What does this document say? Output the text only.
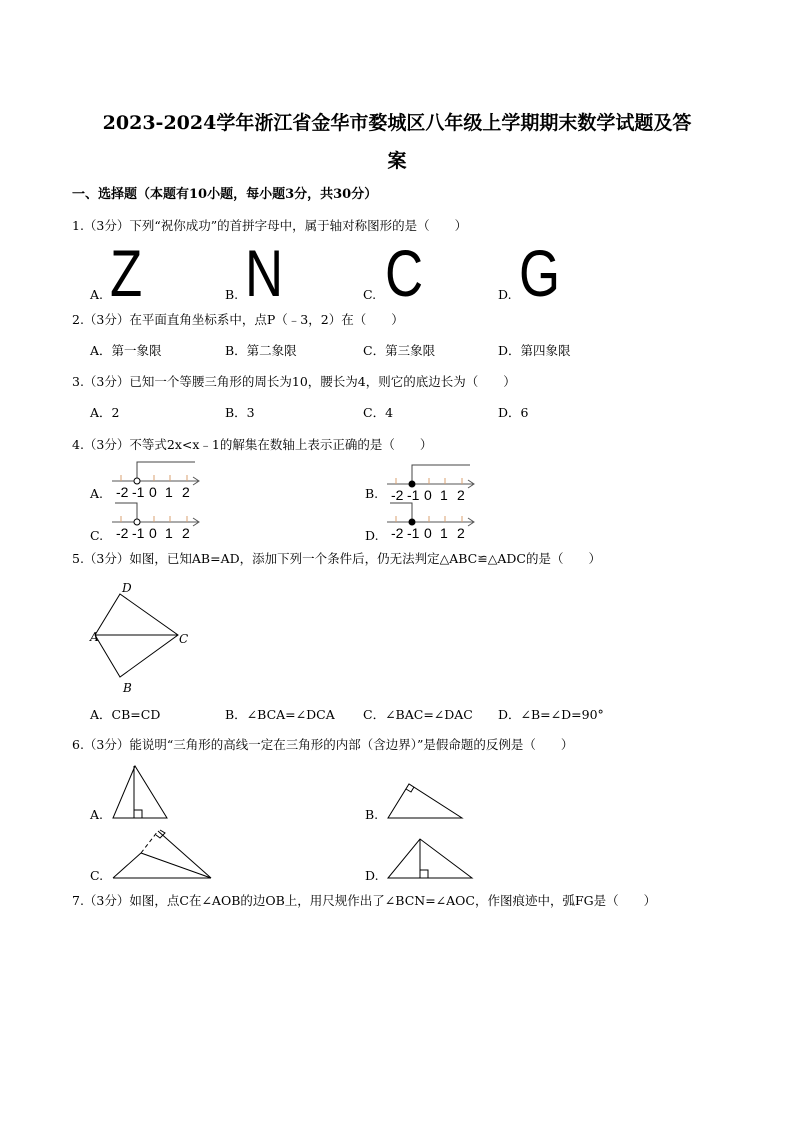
2023-2024学年浙江省金华市婺城区八年级上学期期末数学试题及答
案
一、选择题（本题有10小题，每小题3分，共30分）
1.（3分）下列“祝你成功”的首拼字母中，属于轴对称图形的是（　　）
A. Z	B. N	C. C	D. G
2.（3分）在平面直角坐标系中，点P（﹣3，2）在（　　）
A．第一象限	B．第二象限	C．第三象限	D．第四象限
3.（3分）已知一个等腰三角形的周长为10，腰长为4，则它的底边长为（　　）
A．2	B．3	C．4	D．6
4.（3分）不等式2x<x﹣1的解集在数轴上表示正确的是（　　）
A.	B.
C.	D.
5.（3分）如图，已知AB=AD，添加下列一个条件后，仍无法判定△ABC≌△ADC的是（　　）
D
A	C
B
A．CB=CD	B．∠BCA=∠DCA C．∠BAC=∠DAC D．∠B=∠D=90°
6.（3分）能说明“三角形的高线一定在三角形的内部（含边界）”是假命题的反例是（　　）
A.	B.
C.	D.
7.（3分）如图，点C在∠AOB的边OB上，用尺规作出了∠BCN=∠AOC，作图痕迹中，弧FG是（　　）
-2 -1 0 1 2	-2 -1 0 1 2
-2 -1 0 1 2	-2 -1 0 1 2
